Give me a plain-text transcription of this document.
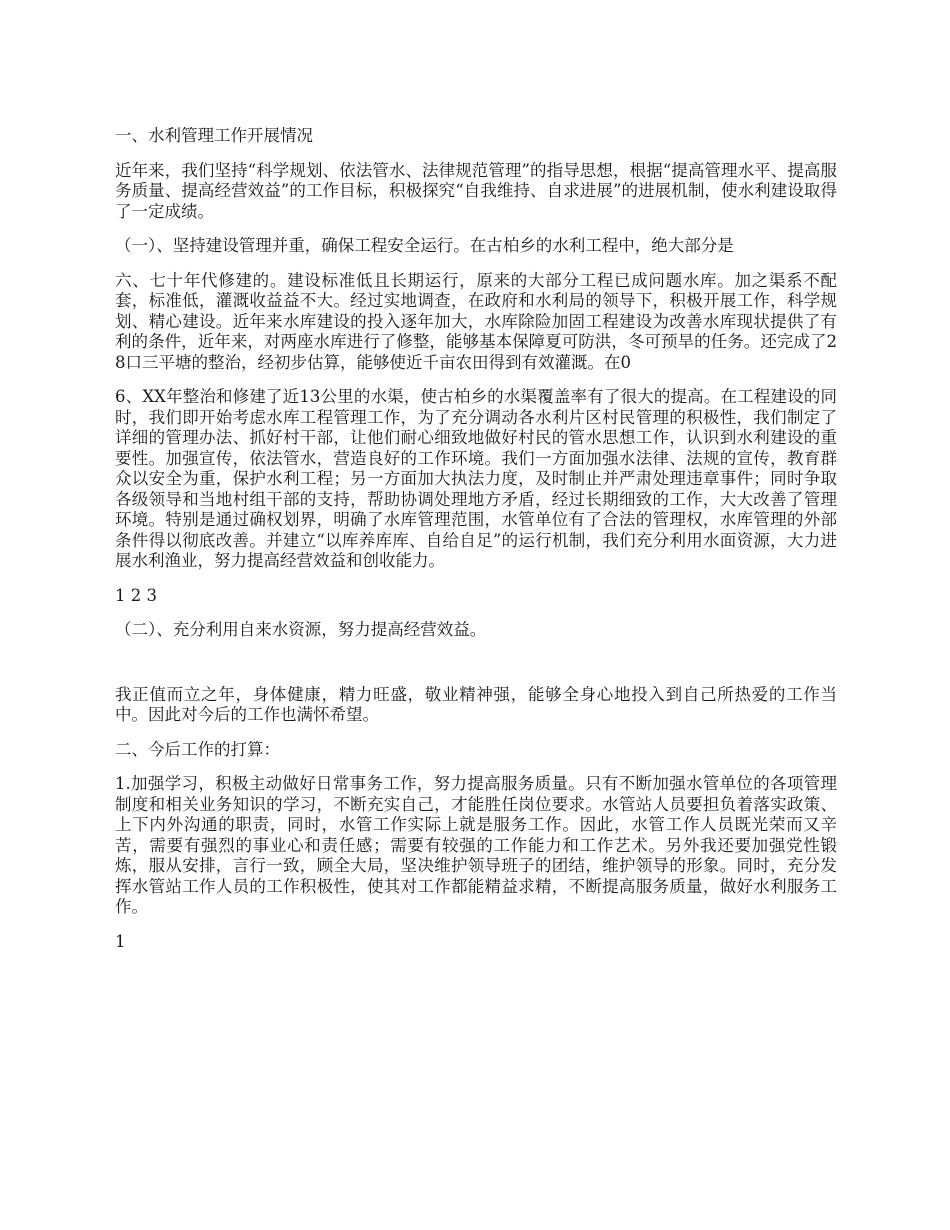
一、水利管理工作开展情况

近年来，我们坚持“科学规划、依法管水、法律规范管理”的指导思想，根据“提高管理水平、提高服务质量、提高经营效益”的工作目标，积极探究“自我维持、自求进展”的进展机制，使水利建设取得了一定成绩。

（一）、坚持建设管理并重，确保工程安全运行。在古柏乡的水利工程中，绝大部分是

六、七十年代修建的。建设标准低且长期运行，原来的大部分工程已成问题水库。加之渠系不配套，标准低，灌溉收益益不大。经过实地调查，在政府和水利局的领导下，积极开展工作，科学规划、精心建设。近年来水库建设的投入逐年加大，水库除险加固工程建设为改善水库现状提供了有利的条件，近年来，对两座水库进行了修整，能够基本保障夏可防洪，冬可预旱的任务。还完成了28口三平塘的整治，经初步估算，能够使近千亩农田得到有效灌溉。在0

6、XX年整治和修建了近13公里的水渠，使古柏乡的水渠覆盖率有了很大的提高。在工程建设的同时，我们即开始考虑水库工程管理工作，为了充分调动各水利片区村民管理的积极性，我们制定了详细的管理办法、抓好村干部，让他们耐心细致地做好村民的管水思想工作，认识到水利建设的重要性。加强宣传，依法管水，营造良好的工作环境。我们一方面加强水法律、法规的宣传，教育群众以安全为重，保护水利工程；另一方面加大执法力度，及时制止并严肃处理违章事件；同时争取各级领导和当地村组干部的支持，帮助协调处理地方矛盾，经过长期细致的工作，大大改善了管理环境。特别是通过确权划界，明确了水库管理范围，水管单位有了合法的管理权，水库管理的外部条件得以彻底改善。并建立“以库养库库、自给自足”的运行机制，我们充分利用水面资源，大力进展水利渔业，努力提高经营效益和创收能力。

1 2 3

（二）、充分利用自来水资源，努力提高经营效益。

我正值而立之年，身体健康，精力旺盛，敬业精神强，能够全身心地投入到自己所热爱的工作当中。因此对今后的工作也满怀希望。

二、今后工作的打算：

1.加强学习，积极主动做好日常事务工作，努力提高服务质量。只有不断加强水管单位的各项管理制度和相关业务知识的学习，不断充实自己，才能胜任岗位要求。水管站人员要担负着落实政策、上下内外沟通的职责，同时，水管工作实际上就是服务工作。因此，水管工作人员既光荣而又辛苦，需要有强烈的事业心和责任感；需要有较强的工作能力和工作艺术。另外我还要加强党性锻炼，服从安排，言行一致，顾全大局，坚决维护领导班子的团结，维护领导的形象。同时，充分发挥水管站工作人员的工作积极性，使其对工作都能精益求精，不断提高服务质量，做好水利服务工作。

1
